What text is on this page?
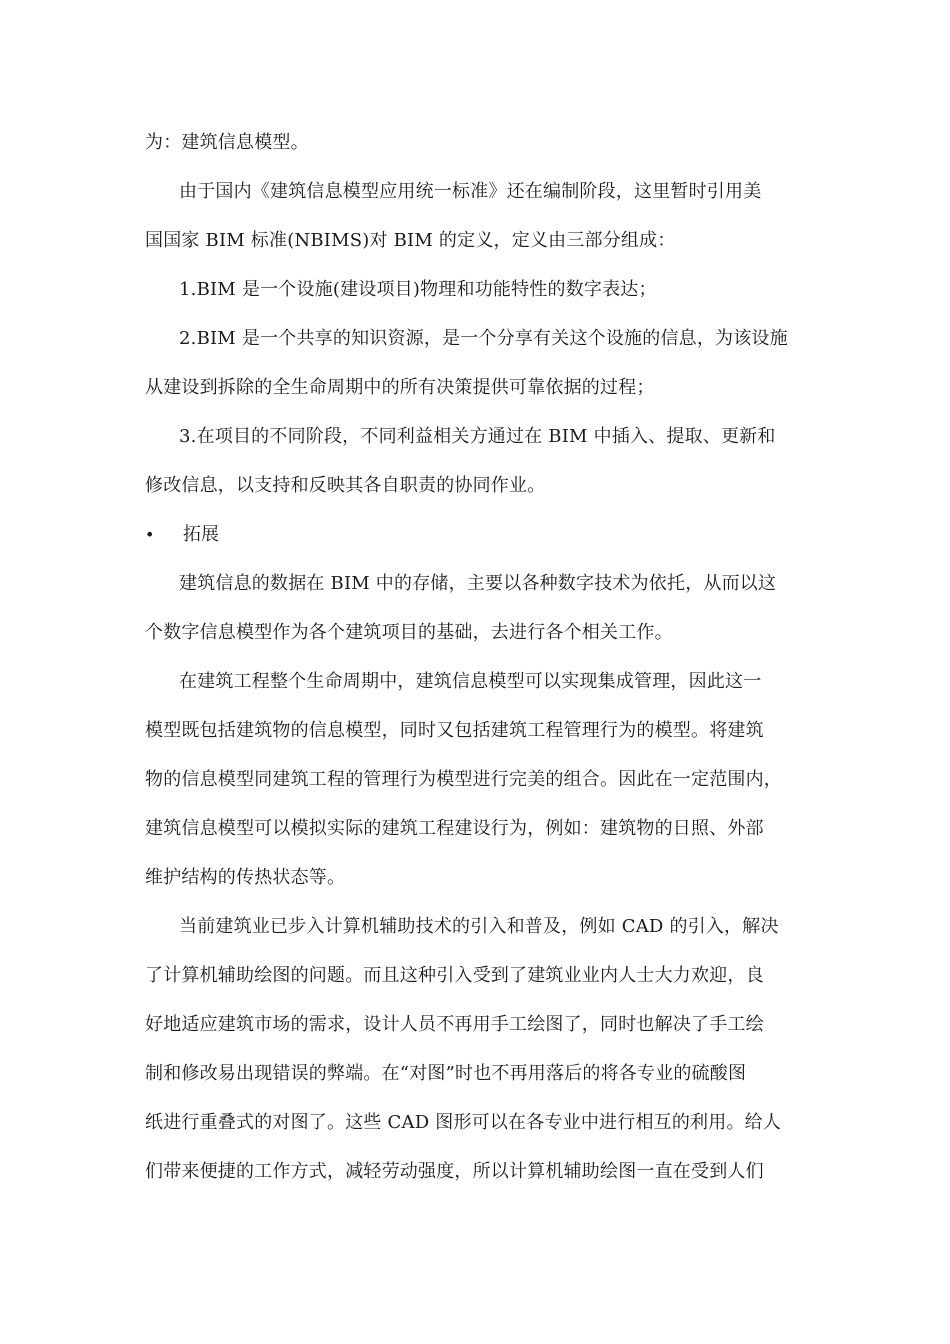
为：建筑信息模型。
由于国内《建筑信息模型应用统一标准》还在编制阶段，这里暂时引用美
国国家 BIM 标准(NBIMS)对 BIM 的定义，定义由三部分组成：
1.BIM 是一个设施(建设项目)物理和功能特性的数字表达；
2.BIM 是一个共享的知识资源，是一个分享有关这个设施的信息，为该设施
从建设到拆除的全生命周期中的所有决策提供可靠依据的过程；
3.在项目的不同阶段，不同利益相关方通过在 BIM 中插入、提取、更新和
修改信息，以支持和反映其各自职责的协同作业。
• 拓展
建筑信息的数据在 BIM 中的存储，主要以各种数字技术为依托，从而以这
个数字信息模型作为各个建筑项目的基础，去进行各个相关工作。
在建筑工程整个生命周期中，建筑信息模型可以实现集成管理，因此这一
模型既包括建筑物的信息模型，同时又包括建筑工程管理行为的模型。将建筑
物的信息模型同建筑工程的管理行为模型进行完美的组合。因此在一定范围内，
建筑信息模型可以模拟实际的建筑工程建设行为，例如：建筑物的日照、外部
维护结构的传热状态等。
当前建筑业已步入计算机辅助技术的引入和普及，例如 CAD 的引入，解决
了计算机辅助绘图的问题。而且这种引入受到了建筑业业内人士大力欢迎，良
好地适应建筑市场的需求，设计人员不再用手工绘图了，同时也解决了手工绘
制和修改易出现错误的弊端。在“对图”时也不再用落后的将各专业的硫酸图
纸进行重叠式的对图了。这些 CAD 图形可以在各专业中进行相互的利用。给人
们带来便捷的工作方式，减轻劳动强度，所以计算机辅助绘图一直在受到人们
